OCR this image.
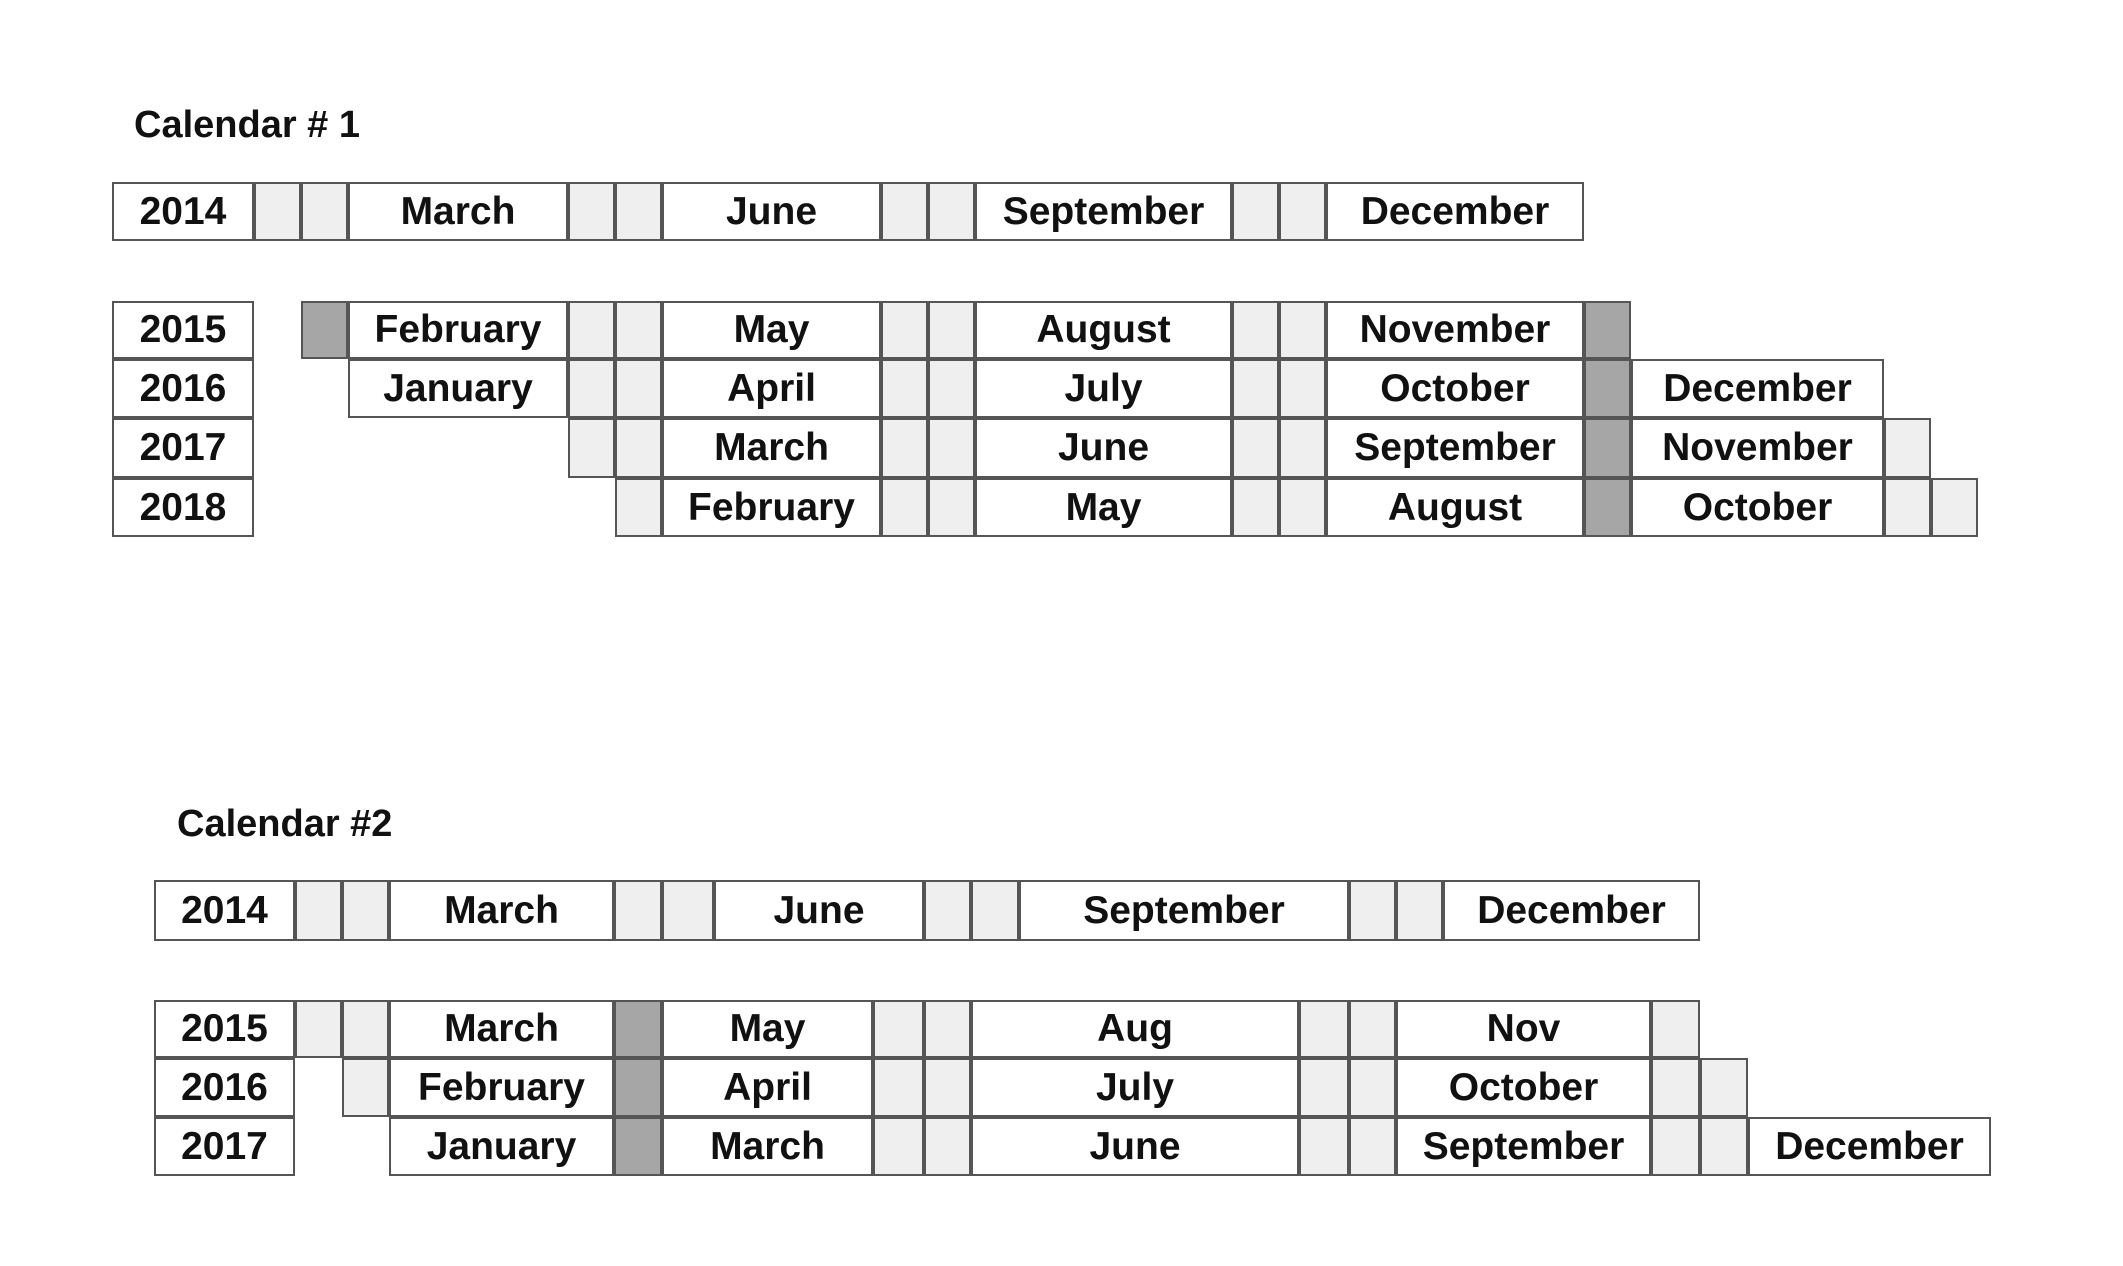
Calendar # 1
2014	March	June	September	December
2015	February	May	August	November
2016	January	April	July	October	December
2017	March	June	September	November
2018	February	May	August	October
Calendar #2
2014	March	June	September	December
2015	March	May	Aug	Nov
2016	February	April	July	October
2017	January	March	June	September	December
